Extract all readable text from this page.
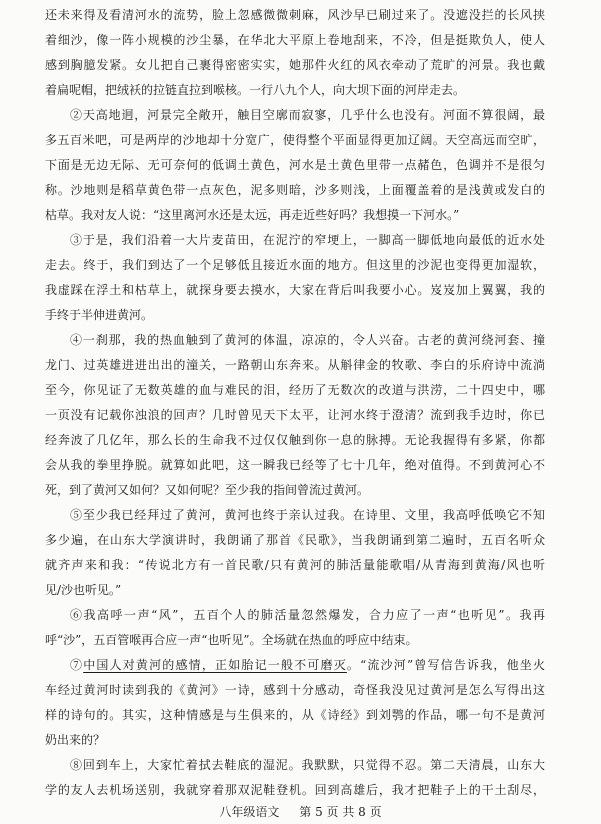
还未来得及看清河水的流势，脸上忽感微微刺麻，风沙早已刷过来了。没遮没拦的长风挟
着细沙，像一阵小规模的沙尘暴，在华北大平原上卷地刮来，不冷，但是挺欺负人，使人
感到胸臆发紧。女儿把自己裹得密密实实，她那件火红的风衣牵动了荒旷的河景。我也戴
着扁呢帽，把绒袄的拉链直拉到喉核。一行八九个人，向大坝下面的河岸走去。
②天高地迥，河景完全敞开，触目空廓而寂寥，几乎什么也没有。河面不算很阔，最
多五百米吧，可是两岸的沙地却十分宽广，使得整个平面显得更加辽阔。天空高远而空旷，
下面是无边无际、无可奈何的低调土黄色，河水是土黄色里带一点赭色，色调并不是很匀
称。沙地则是稻草黄色带一点灰色，泥多则暗，沙多则浅，上面覆盖着的是浅黄或发白的
枯草。我对友人说：“这里离河水还是太远，再走近些好吗？我想摸一下河水。”
③于是，我们沿着一大片麦苗田，在泥泞的窄埂上，一脚高一脚低地向最低的近水处
走去。终于，我们到达了一个足够低且接近水面的地方。但这里的沙泥也变得更加湿软，
我虚踩在浮土和枯草上，就探身要去摸水，大家在背后叫我要小心。岌岌加上翼翼，我的
手终于半伸进黄河。
④一刹那，我的热血触到了黄河的体温，凉凉的，令人兴奋。古老的黄河绕河套、撞
龙门、过英雄进进出出的潼关，一路朝山东奔来。从斛律金的牧歌、李白的乐府诗中流淌
至今，你见证了无数英雄的血与难民的泪，经历了无数次的改道与洪涝，二十四史中，哪
一页没有记载你浊浪的回声？几时曾见天下太平，让河水终于澄清？流到我手边时，你已
经奔波了几亿年，那么长的生命我不过仅仅触到你一息的脉搏。无论我握得有多紧，你都
会从我的拳里挣脱。就算如此吧，这一瞬我已经等了七十几年，绝对值得。不到黄河心不
死，到了黄河又如何？又如何呢？至少我的指间曾流过黄河。
⑤至少我已经拜过了黄河，黄河也终于亲认过我。在诗里、文里，我高呼低唤它不知
多少遍，在山东大学演讲时，我朗诵了那首《民歌》，当我朗诵到第二遍时，五百名听众
就齐声来和我：“传说北方有一首民歌/只有黄河的肺活量能歌唱/从青海到黄海/风也听
见/沙也听见。”
⑥我高呼一声“风”，五百个人的肺活量忽然爆发，合力应了一声“也听见”。我再
呼“沙”，五百管喉再合应一声“也听见”。全场就在热血的呼应中结束。
⑦中国人对黄河的感情，正如胎记一般不可磨灭。“流沙河”曾写信告诉我，他坐火
车经过黄河时读到我的《黄河》一诗，感到十分感动，奇怪我没见过黄河是怎么写得出这
样的诗句的。其实，这种情感是与生俱来的，从《诗经》到刘鹗的作品，哪一句不是黄河
奶出来的？
⑧回到车上，大家忙着拭去鞋底的湿泥。我默默，只觉得不忍。第二天清晨，山东大
学的友人去机场送别，我就穿着那双泥鞋登机。回到高雄后，我才把鞋子上的干土刮尽，
八年级语文 第 5 页 共 8 页
